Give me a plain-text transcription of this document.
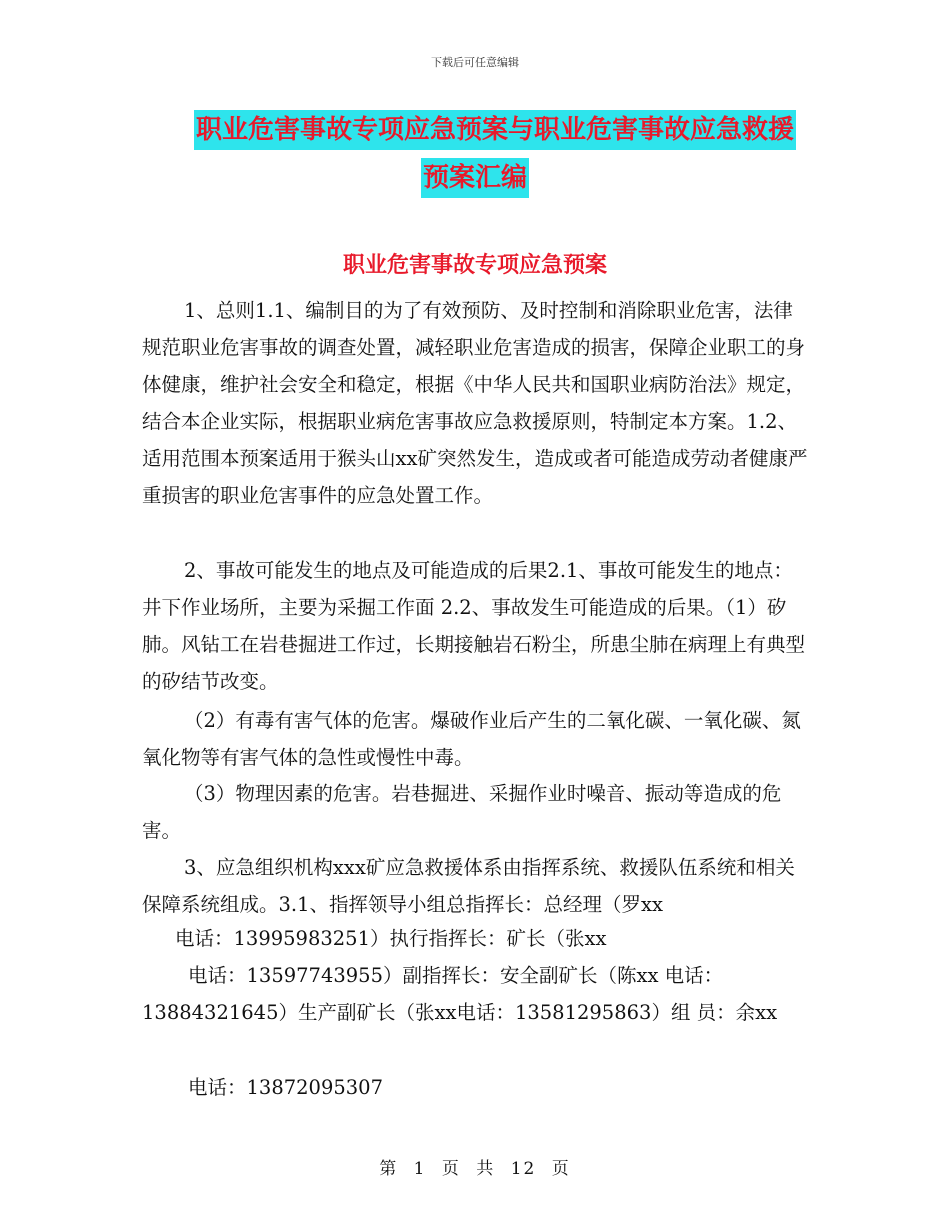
下载后可任意编辑
职业危害事故专项应急预案与职业危害事故应急救援
预案汇编
职业危害事故专项应急预案

1、总则1.1、编制目的为了有效预防、及时控制和消除职业危害，法律规范职业危害事故的调查处置，减轻职业危害造成的损害，保障企业职工的身体健康，维护社会安全和稳定，根据《中华人民共和国职业病防治法》规定，结合本企业实际，根据职业病危害事故应急救援原则，特制定本方案。1.2、适用范围本预案适用于猴头山xx矿突然发生，造成或者可能造成劳动者健康严重损害的职业危害事件的应急处置工作。

2、事故可能发生的地点及可能造成的后果2.1、事故可能发生的地点：井下作业场所，主要为采掘工作面 2.2、事故发生可能造成的后果。（1）矽肺。风钻工在岩巷掘进工作过，长期接触岩石粉尘，所患尘肺在病理上有典型的矽结节改变。

（2）有毒有害气体的危害。爆破作业后产生的二氧化碳、一氧化碳、氮氧化物等有害气体的急性或慢性中毒。

（3）物理因素的危害。岩巷掘进、采掘作业时噪音、振动等造成的危害。

3、应急组织机构xxx矿应急救援体系由指挥系统、救援队伍系统和相关保障系统组成。3.1、指挥领导小组总指挥长：总经理（罗xx

电话：13995983251）执行指挥长：矿长（张xx
电话：13597743955）副指挥长：安全副矿长（陈xx 电话：
13884321645）生产副矿长（张xx电话：13581295863）组 员：余xx
电话：13872095307
第 1 页 共 12 页
